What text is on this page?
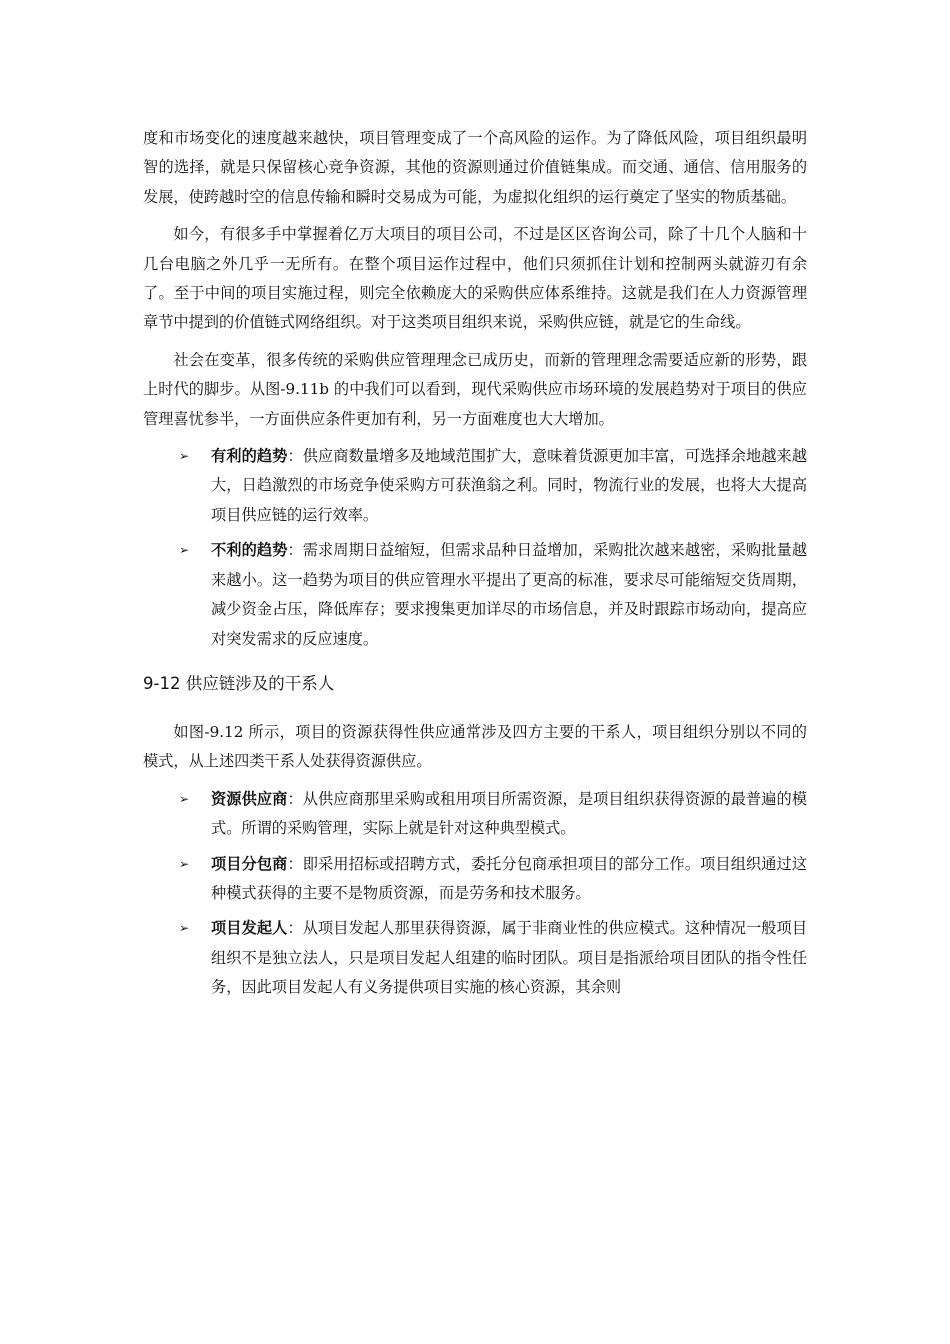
度和市场变化的速度越来越快，项目管理变成了一个高风险的运作。为了降低风险，项目组织最明智的选择，就是只保留核心竞争资源，其他的资源则通过价值链集成。而交通、通信、信用服务的发展，使跨越时空的信息传输和瞬时交易成为可能，为虚拟化组织的运行奠定了坚实的物质基础。

如今，有很多手中掌握着亿万大项目的项目公司，不过是区区咨询公司，除了十几个人脑和十几台电脑之外几乎一无所有。在整个项目运作过程中，他们只须抓住计划和控制两头就游刃有余了。至于中间的项目实施过程，则完全依赖庞大的采购供应体系维持。这就是我们在人力资源管理章节中提到的价值链式网络组织。对于这类项目组织来说，采购供应链，就是它的生命线。

社会在变革，很多传统的采购供应管理理念已成历史，而新的管理理念需要适应新的形势，跟上时代的脚步。从图-9.11b 的中我们可以看到，现代采购供应市场环境的发展趋势对于项目的供应管理喜忧参半，一方面供应条件更加有利，另一方面难度也大大增加。

➢ 有利的趋势：供应商数量增多及地域范围扩大，意味着货源更加丰富，可选择余地越来越大，日趋激烈的市场竞争使采购方可获渔翁之利。同时，物流行业的发展，也将大大提高项目供应链的运行效率。
➢ 不利的趋势：需求周期日益缩短，但需求品种日益增加，采购批次越来越密，采购批量越来越小。这一趋势为项目的供应管理水平提出了更高的标准，要求尽可能缩短交货周期，减少资金占压，降低库存；要求搜集更加详尽的市场信息，并及时跟踪市场动向，提高应对突发需求的反应速度。
9-12 供应链涉及的干系人

如图-9.12 所示，项目的资源获得性供应通常涉及四方主要的干系人，项目组织分别以不同的模式，从上述四类干系人处获得资源供应。

➢ 资源供应商：从供应商那里采购或租用项目所需资源，是项目组织获得资源的最普遍的模式。所谓的采购管理，实际上就是针对这种典型模式。
➢ 项目分包商：即采用招标或招聘方式，委托分包商承担项目的部分工作。项目组织通过这种模式获得的主要不是物质资源，而是劳务和技术服务。
➢ 项目发起人：从项目发起人那里获得资源，属于非商业性的供应模式。这种情况一般项目组织不是独立法人，只是项目发起人组建的临时团队。项目是指派给项目团队的指令性任务，因此项目发起人有义务提供项目实施的核心资源，其余则
